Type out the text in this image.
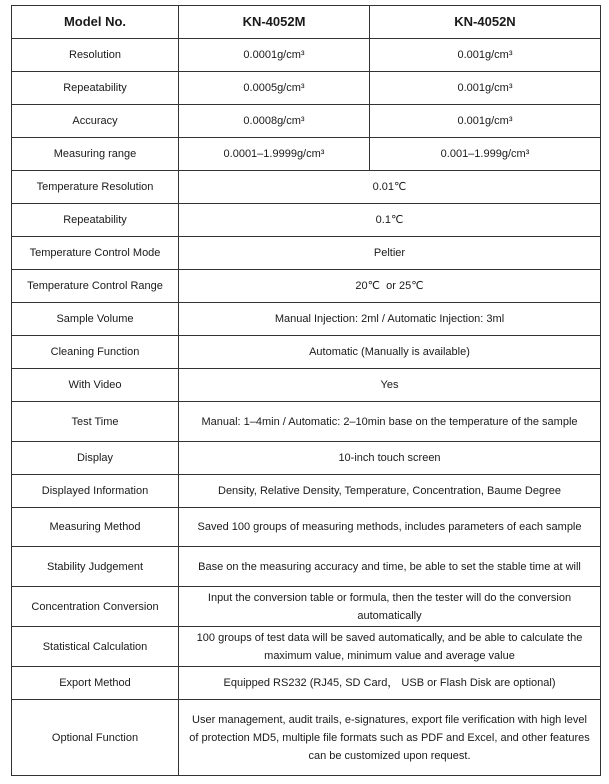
Model No.	KN-4052M	KN-4052N
Resolution	0.0001g/cm³	0.001g/cm³
Repeatability	0.0005g/cm³	0.001g/cm³
Accuracy	0.0008g/cm³	0.001g/cm³
Measuring range	0.0001–1.9999g/cm³	0.001–1.999g/cm³
Temperature Resolution	0.01℃	
Repeatability	0.1℃	
Temperature Control Mode	Peltier	
Temperature Control Range	20℃  or 25℃	
Sample Volume	Manual Injection: 2ml / Automatic Injection: 3ml	
Cleaning Function	Automatic (Manually is available)	
With Video	Yes	
Test Time	Manual: 1–4min / Automatic: 2–10min base on the temperature of the sample	
Display	10-inch touch screen	
Displayed Information	Density, Relative Density, Temperature, Concentration, Baume Degree	
Measuring Method	Saved 100 groups of measuring methods, includes parameters of each sample	
Stability Judgement	Base on the measuring accuracy and time, be able to set the stable time at will	
Concentration Conversion	Input the conversion table or formula, then the tester will do the conversion automatically	
Statistical Calculation	100 groups of test data will be saved automatically, and be able to calculate the maximum value, minimum value and average value	
Export Method	Equipped RS232 (RJ45, SD Card， USB or Flash Disk are optional)	
Optional Function	User management, audit trails, e-signatures, export file verification with high level of protection MD5, multiple file formats such as PDF and Excel, and other features can be customized upon request.	
